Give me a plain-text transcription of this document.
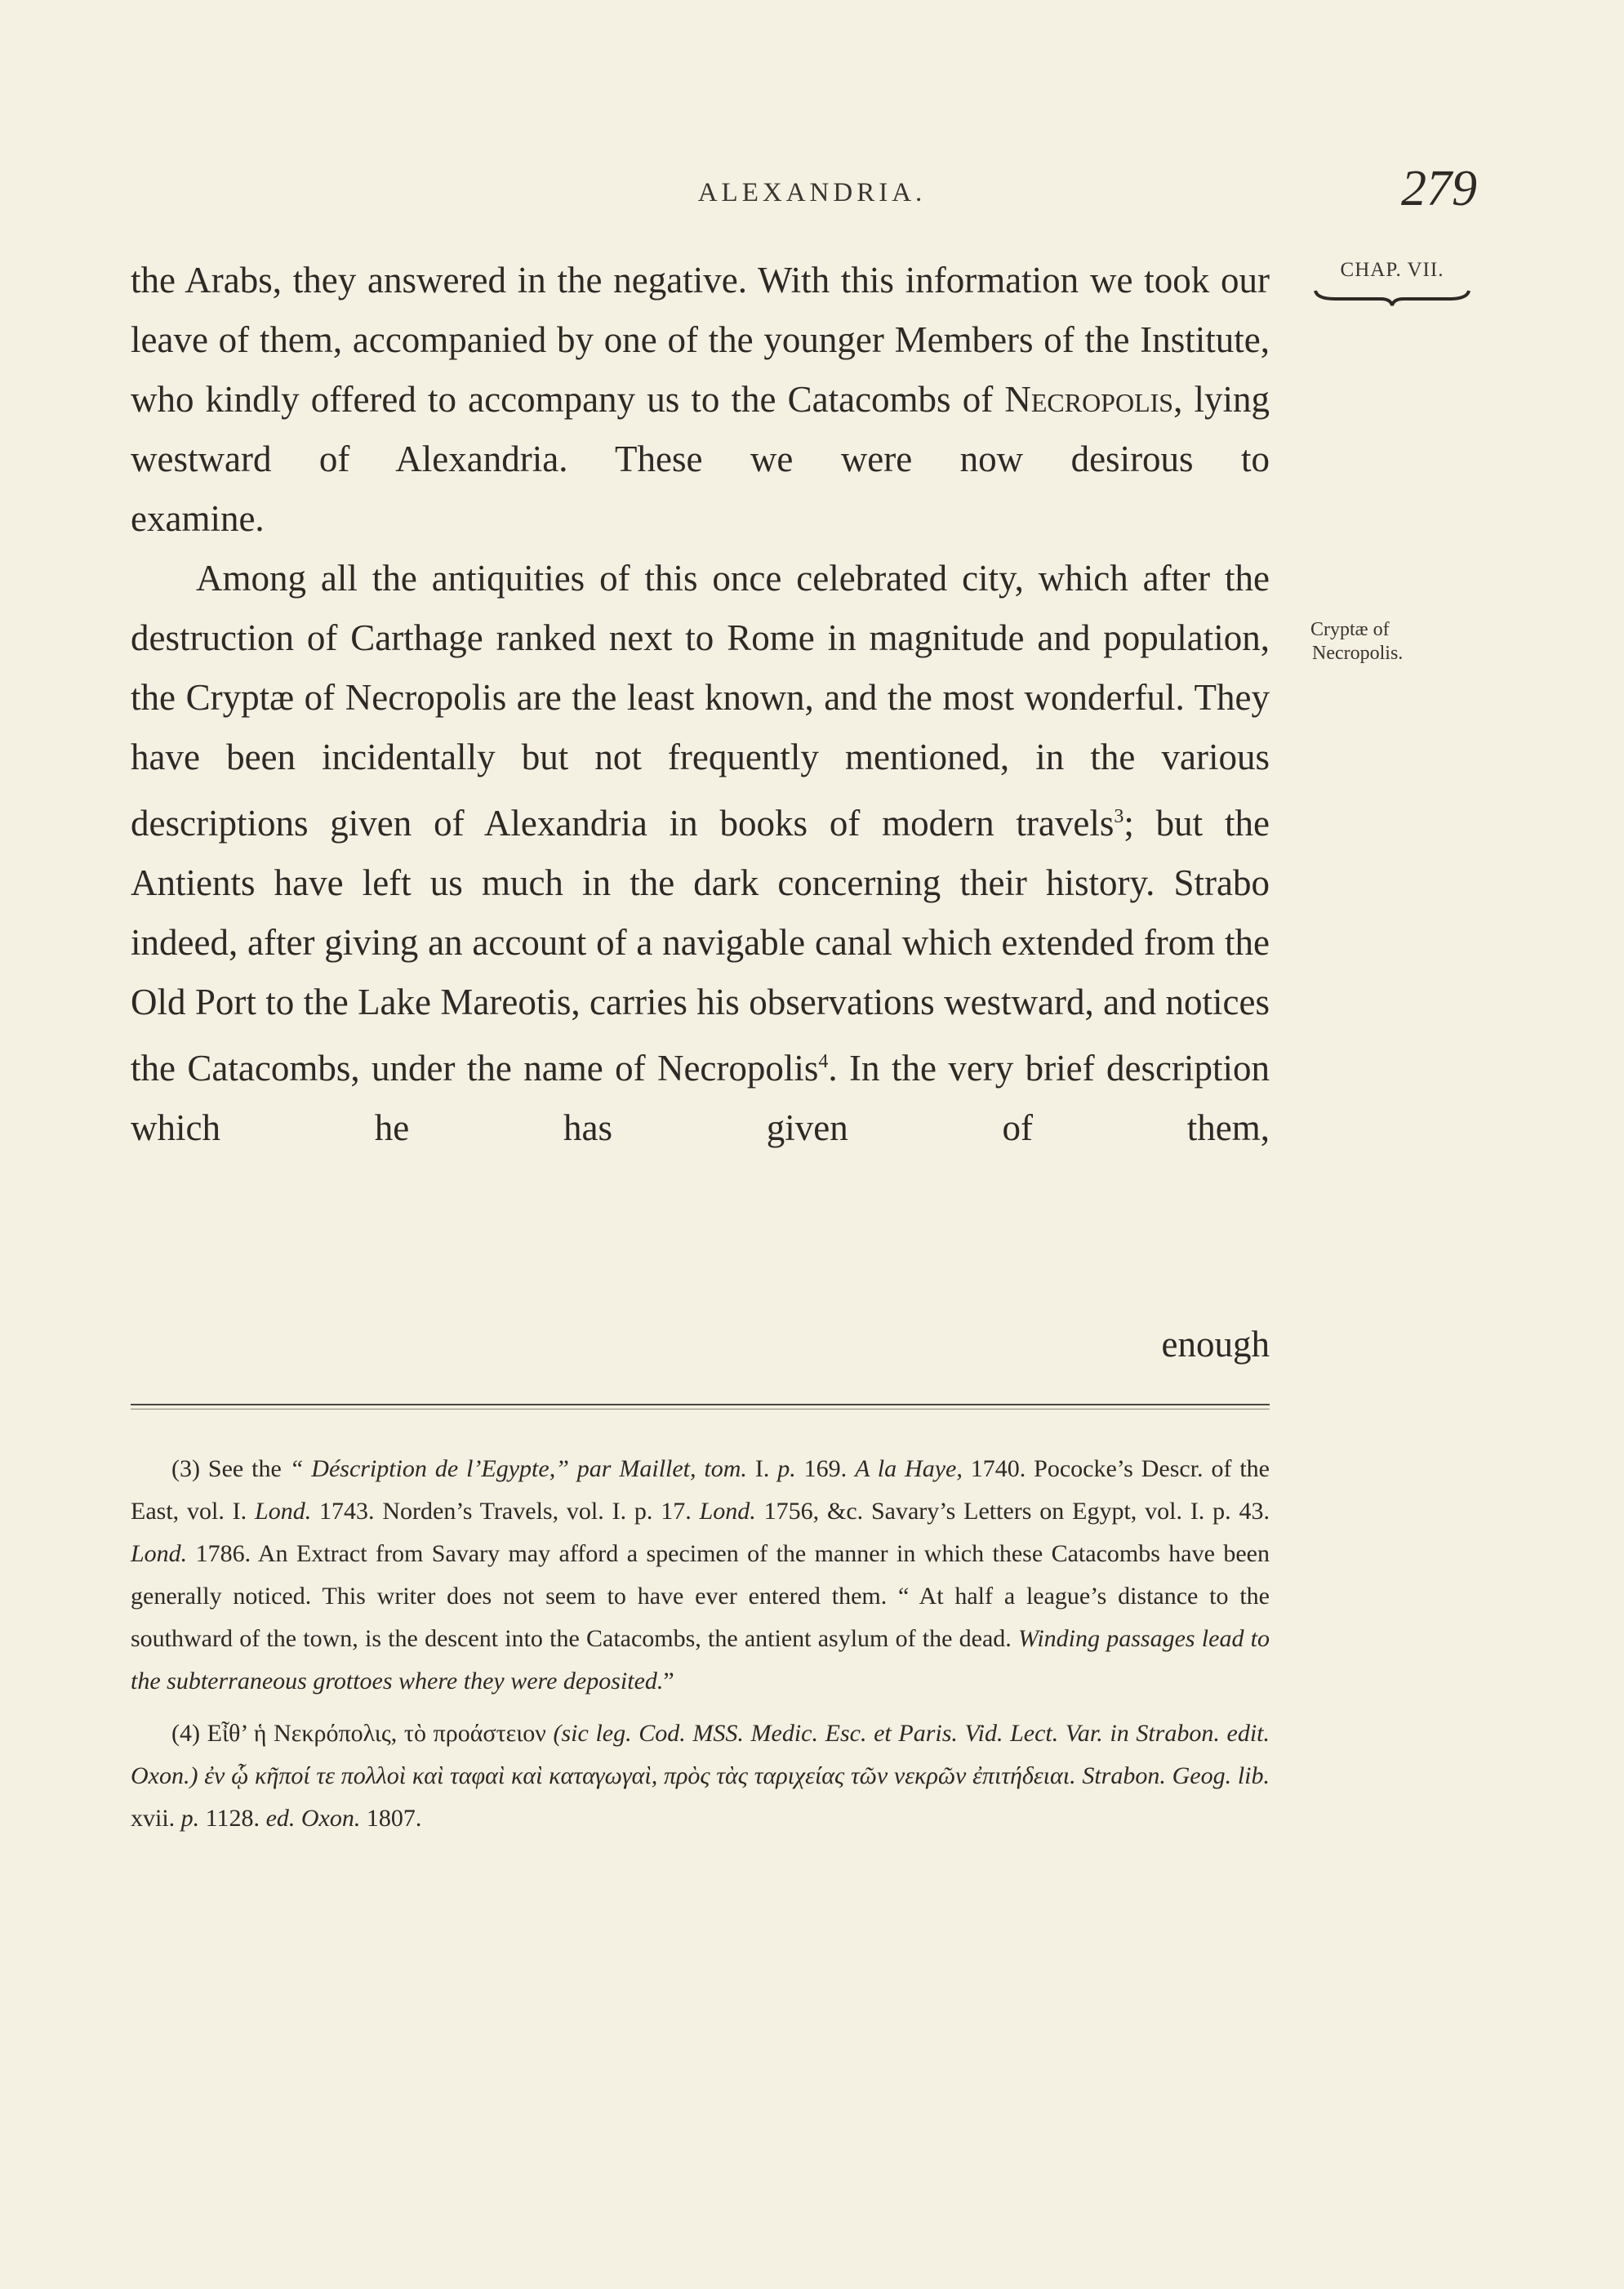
ALEXANDRIA.	279
CHAP. VII.
Cryptæ of
Necropolis.

the Arabs, they answered in the negative. With this information we took our leave of them, accompanied by one of the younger Members of the Institute, who kindly offered to accompany us to the Catacombs of Necropolis, lying westward of Alexandria. These we were now desirous to
examine.

Among all the antiquities of this once celebrated city, which after the destruction of Carthage ranked next to Rome in magnitude and population, the Cryptæ of Necropolis are the least known, and the most wonderful. They have been incidentally but not frequently mentioned, in the various descriptions given of Alexandria in books of modern travels$^3$; but the Antients have left us much in the dark concerning their history. Strabo indeed, after giving an account of a navigable canal which extended from the Old Port to the Lake Mareotis, carries his observations westward, and notices the Catacombs, under the name of Necropolis$^4$. In the very brief description which he has given of them,

enough

(3) See the “ Déscription de l’Egypte,” par Maillet, tom. I. p. 169. A la Haye, 1740. Pococke’s Descr. of the East, vol. I. Lond. 1743. Norden’s Travels, vol. I. p. 17. Lond. 1756, &c. Savary’s Letters on Egypt, vol. I. p. 43. Lond. 1786. An Extract from Savary may afford a specimen of the manner in which these Catacombs have been generally noticed. This writer does not seem to have ever entered them. “ At half a league’s distance to the southward of the town, is the descent into the Catacombs, the antient asylum of the dead. Winding passages lead to the subterraneous grottoes where they were deposited.”

(4) Εἶθ’ ἡ Νεκρόπολις, τὸ προάστειον (sic leg. Cod. MSS. Medic. Esc. et Paris. Vid. Lect. Var. in Strabon. edit. Oxon.) ἐν ᾧ κῆποί τε πολλοὶ καὶ ταφαὶ καὶ καταγωγαὶ, πρὸς τὰς ταριχείας τῶν νεκρῶν ἐπιτήδειαι. Strabon. Geog. lib. xvii. p. 1128. ed. Oxon. 1807.
